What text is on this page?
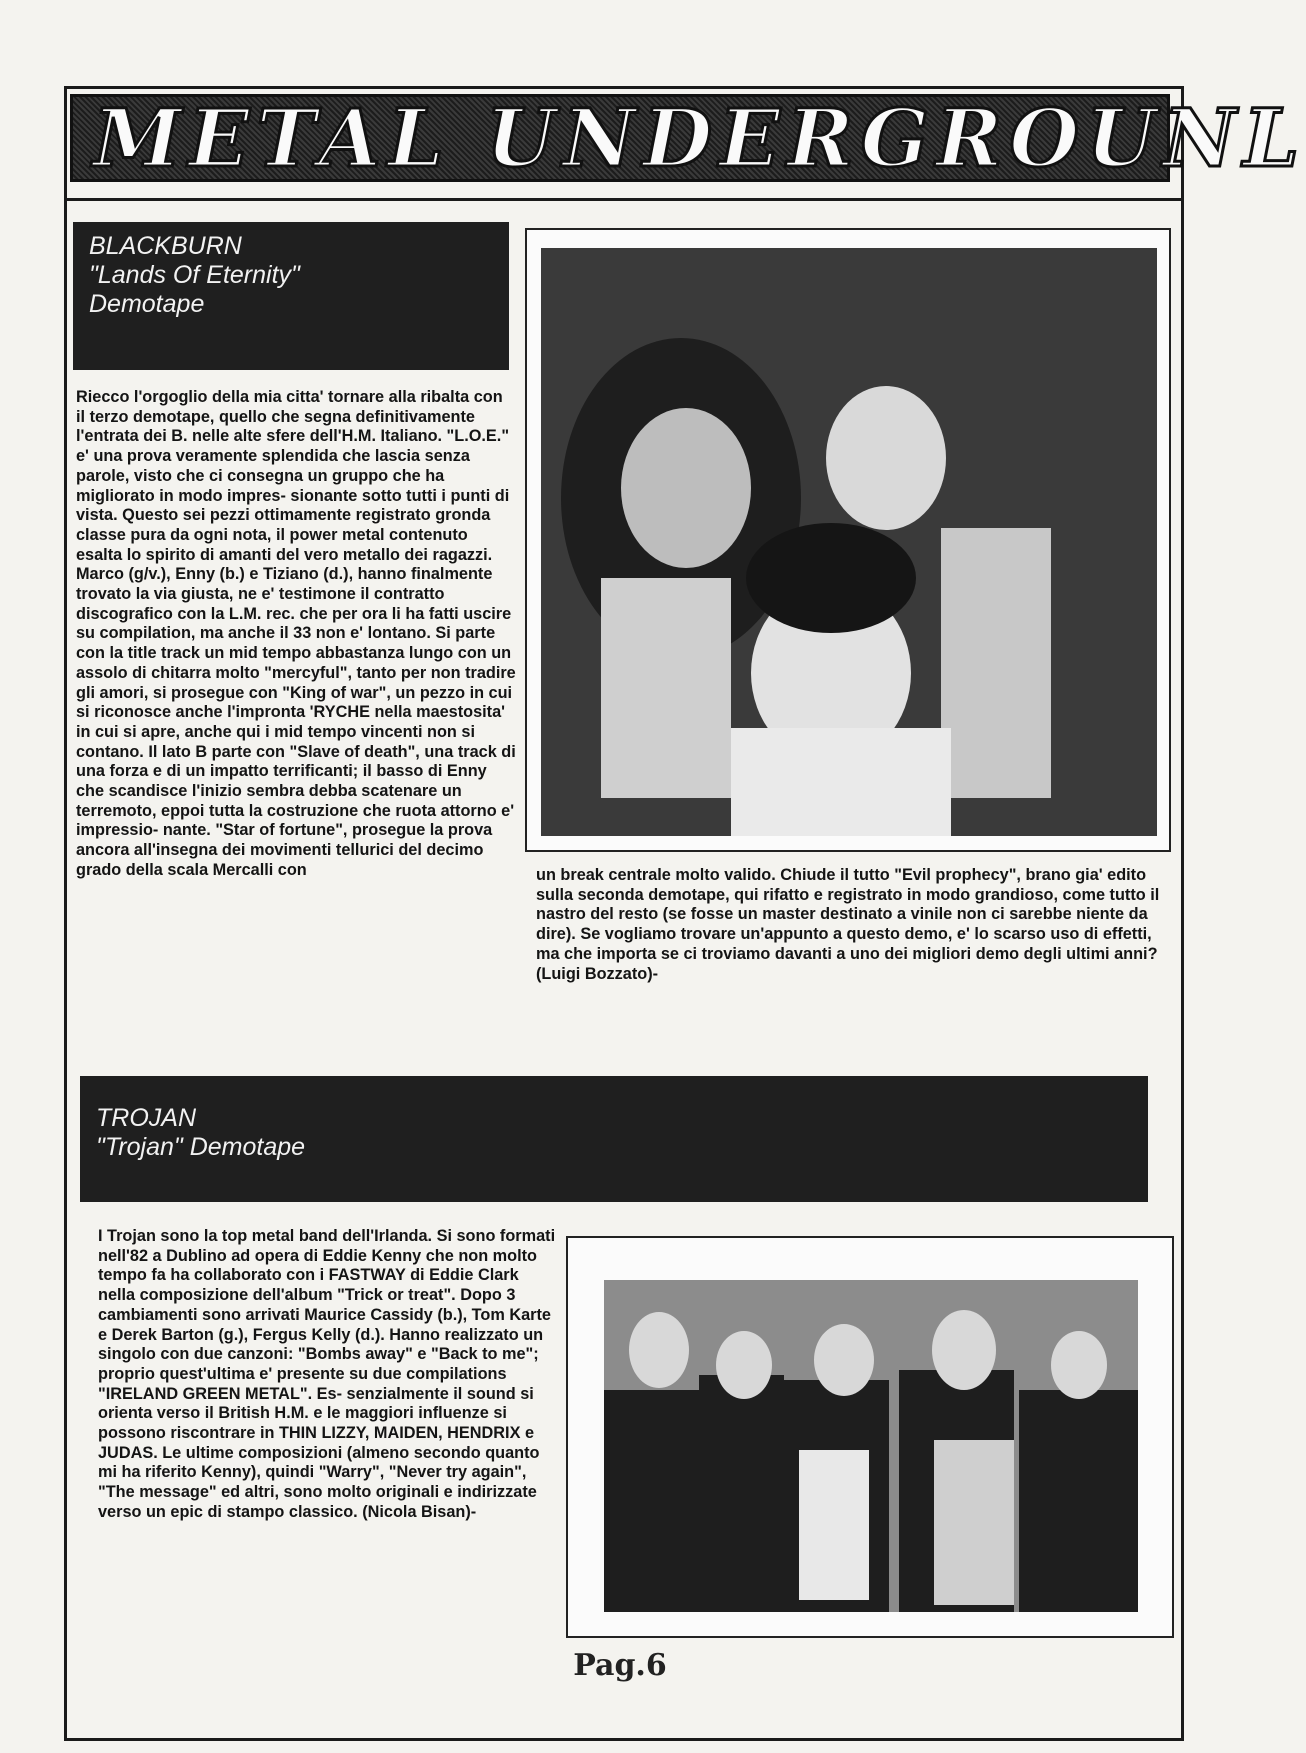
METAL UNDERGROUNL
BLACKBURN
"Lands Of Eternity"
Demotape

Riecco l'orgoglio della mia citta' tornare alla ribalta con il terzo demotape, quello che segna definitivamente l'entrata dei B. nelle alte sfere dell'H.M. Italiano. "L.O.E." e' una prova veramente splendida che lascia senza parole, visto che ci consegna un gruppo che ha migliorato in modo impres- sionante sotto tutti i punti di vista. Questo sei pezzi ottimamente registrato gronda classe pura da ogni nota, il power metal contenuto esalta lo spirito di amanti del vero metallo dei ragazzi. Marco (g/v.), Enny (b.) e Tiziano (d.), hanno finalmente trovato la via giusta, ne e' testimone il contratto discografico con la L.M. rec. che per ora li ha fatti uscire su compilation, ma anche il 33 non e' lontano. Si parte con la title track un mid tempo abbastanza lungo con un assolo di chitarra molto "mercyful", tanto per non tradire gli amori, si prosegue con "King of war", un pezzo in cui si riconosce anche l'impronta 'RYCHE nella maestosita' in cui si apre, anche qui i mid tempo vincenti non si contano. Il lato B parte con "Slave of death", una track di una forza e di un impatto terrificanti; il basso di Enny che scandisce l'inizio sembra debba scatenare un terremoto, eppoi tutta la costruzione che ruota attorno e' impressio- nante. "Star of fortune", prosegue la prova ancora all'insegna dei movimenti tellurici del decimo grado della scala Mercalli con	un break centrale molto valido. Chiude il tutto "Evil prophecy", brano gia' edito sulla seconda demotape, qui rifatto e registrato in modo grandioso, come tutto il nastro del resto (se fosse un master destinato a vinile non ci sarebbe niente da dire). Se vogliamo trovare un'appunto a questo demo, e' lo scarso uso di effetti, ma che importa se ci troviamo davanti a uno dei migliori demo degli ultimi anni? (Luigi Bozzato)-

TROJAN
"Trojan" Demotape

I Trojan sono la top metal band dell'Irlanda. Si sono formati nell'82 a Dublino ad opera di Eddie Kenny che non molto tempo fa ha collaborato con i FASTWAY di Eddie Clark nella composizione dell'album "Trick or treat". Dopo 3 cambiamenti sono arrivati Maurice Cassidy (b.), Tom Karte e Derek Barton (g.), Fergus Kelly (d.). Hanno realizzato un singolo con due canzoni: "Bombs away" e "Back to me"; proprio quest'ultima e' presente su due compilations "IRELAND GREEN METAL". Es- senzialmente il sound si orienta verso il British H.M. e le maggiori influenze si possono riscontrare in THIN LIZZY, MAIDEN, HENDRIX e JUDAS. Le ultime composizioni (almeno secondo quanto mi ha riferito Kenny), quindi "Warry", "Never try again", "The message" ed altri, sono molto originali e indirizzate verso un epic di stampo classico. (Nicola Bisan)-

Pag.6
